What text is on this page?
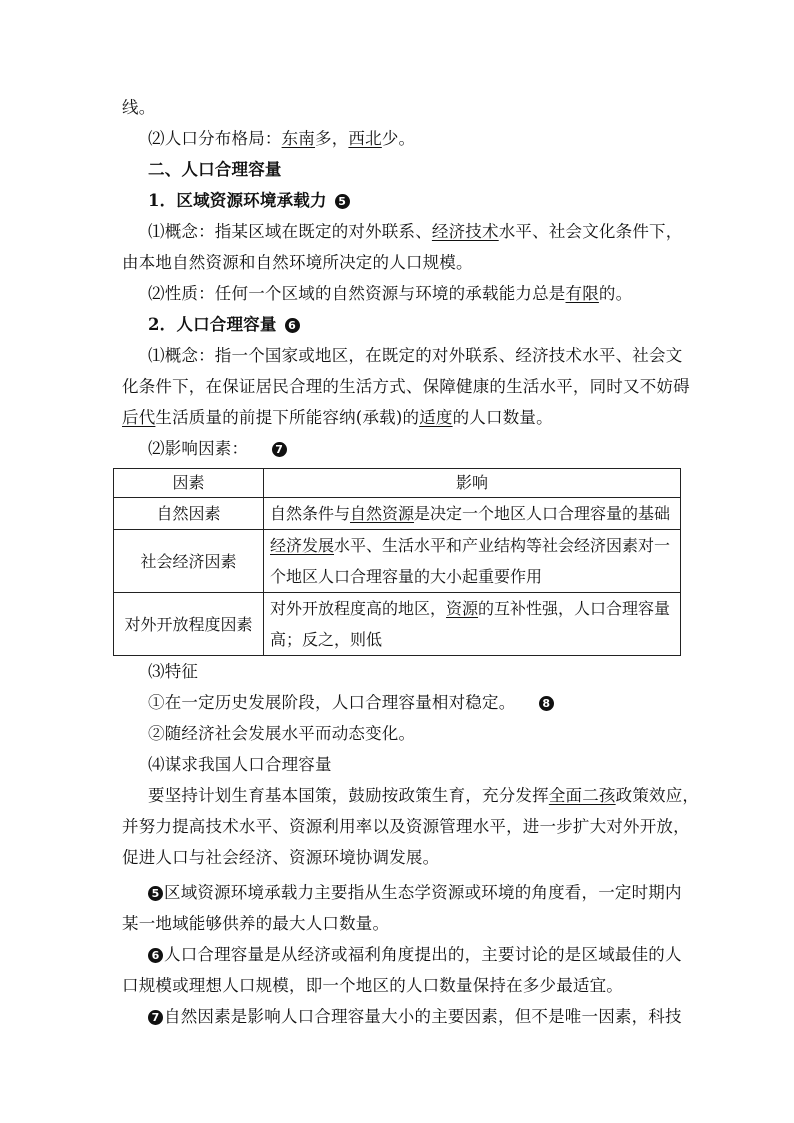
线。
⑵人口分布格局：东南多，西北少。
二、人口合理容量
1．区域资源环境承载力 5
⑴概念：指某区域在既定的对外联系、经济技术水平、社会文化条件下，
由本地自然资源和自然环境所决定的人口规模。
⑵性质：任何一个区域的自然资源与环境的承载能力总是有限的。
2．人口合理容量 6
⑴概念：指一个国家或地区，在既定的对外联系、经济技术水平、社会文
化条件下，在保证居民合理的生活方式、保障健康的生活水平，同时又不妨碍
后代生活质量的前提下所能容纳(承载)的适度的人口数量。
⑵影响因素： 7
因素	影响
自然因素	自然条件与自然资源是决定一个地区人口合理容量的基础
社会经济因素	经济发展水平、生活水平和产业结构等社会经济因素对一
个地区人口合理容量的大小起重要作用
对外开放程度因素	对外开放程度高的地区，资源的互补性强，人口合理容量
高；反之，则低
⑶特征
①在一定历史发展阶段，人口合理容量相对稳定。 8
②随经济社会发展水平而动态变化。
⑷谋求我国人口合理容量
要坚持计划生育基本国策，鼓励按政策生育，充分发挥全面二孩政策效应，
并努力提高技术水平、资源利用率以及资源管理水平，进一步扩大对外开放，
促进人口与社会经济、资源环境协调发展。
5 区域资源环境承载力主要指从生态学资源或环境的角度看，一定时期内
某一地域能够供养的最大人口数量。
6 人口合理容量是从经济或福利角度提出的，主要讨论的是区域最佳的人
口规模或理想人口规模，即一个地区的人口数量保持在多少最适宜。
7 自然因素是影响人口合理容量大小的主要因素，但不是唯一因素，科技
